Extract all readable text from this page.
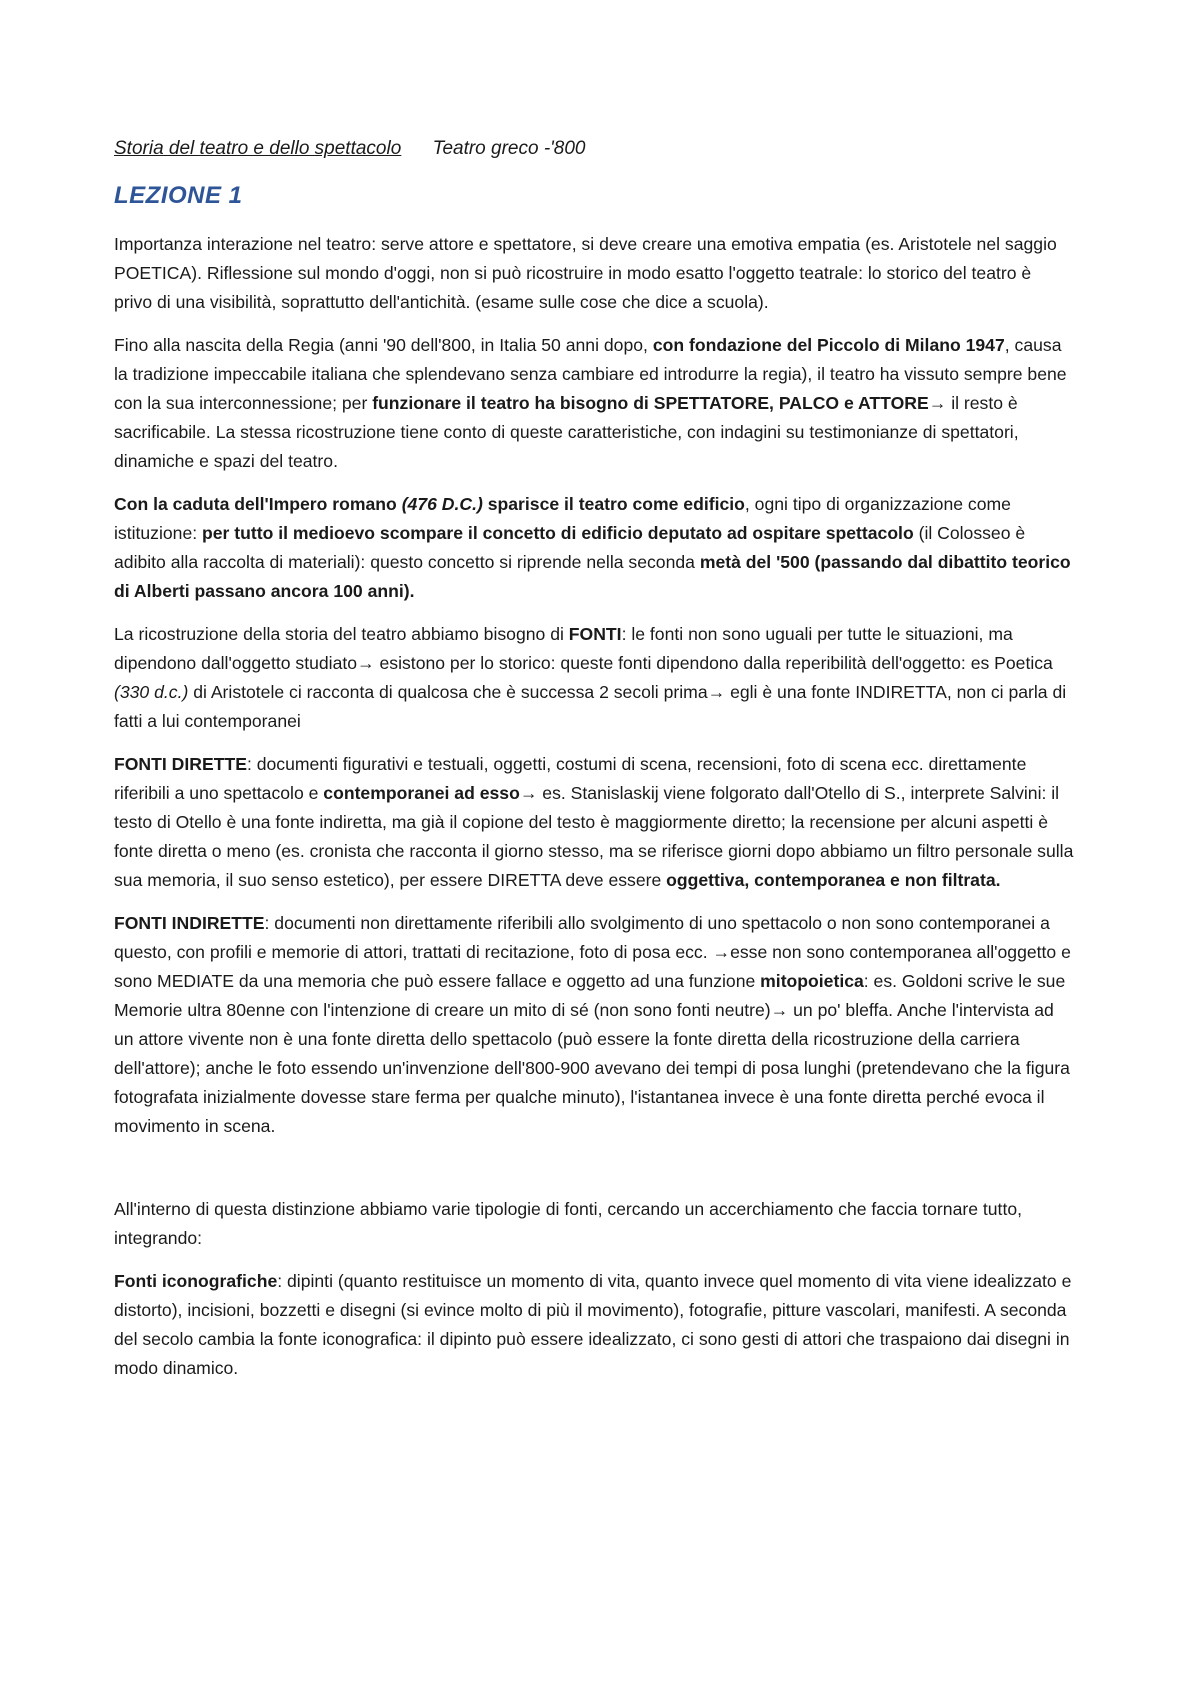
Storia del teatro e dello spettacolo Teatro greco -'800
LEZIONE 1

Importanza interazione nel teatro: serve attore e spettatore, si deve creare una emotiva empatia (es. Aristotele nel saggio POETICA). Riflessione sul mondo d'oggi, non si può ricostruire in modo esatto l'oggetto teatrale: lo storico del teatro è privo di una visibilità, soprattutto dell'antichità. (esame sulle cose che dice a scuola).

Fino alla nascita della Regia (anni '90 dell'800, in Italia 50 anni dopo, con fondazione del Piccolo di Milano 1947, causa la tradizione impeccabile italiana che splendevano senza cambiare ed introdurre la regia), il teatro ha vissuto sempre bene con la sua interconnessione; per funzionare il teatro ha bisogno di SPETTATORE, PALCO e ATTORE→ il resto è sacrificabile. La stessa ricostruzione tiene conto di queste caratteristiche, con indagini su testimonianze di spettatori, dinamiche e spazi del teatro.

Con la caduta dell'Impero romano (476 D.C.) sparisce il teatro come edificio, ogni tipo di organizzazione come istituzione: per tutto il medioevo scompare il concetto di edificio deputato ad ospitare spettacolo (il Colosseo è adibito alla raccolta di materiali): questo concetto si riprende nella seconda metà del '500 (passando dal dibattito teorico di Alberti passano ancora 100 anni).

La ricostruzione della storia del teatro abbiamo bisogno di FONTI: le fonti non sono uguali per tutte le situazioni, ma dipendono dall'oggetto studiato→ esistono per lo storico: queste fonti dipendono dalla reperibilità dell'oggetto: es Poetica (330 d.c.) di Aristotele ci racconta di qualcosa che è successa 2 secoli prima→ egli è una fonte INDIRETTA, non ci parla di fatti a lui contemporanei

FONTI DIRETTE: documenti figurativi e testuali, oggetti, costumi di scena, recensioni, foto di scena ecc. direttamente riferibili a uno spettacolo e contemporanei ad esso→ es. Stanislaskij viene folgorato dall'Otello di S., interprete Salvini: il testo di Otello è una fonte indiretta, ma già il copione del testo è maggiormente diretto; la recensione per alcuni aspetti è fonte diretta o meno (es. cronista che racconta il giorno stesso, ma se riferisce giorni dopo abbiamo un filtro personale sulla sua memoria, il suo senso estetico), per essere DIRETTA deve essere oggettiva, contemporanea e non filtrata.

FONTI INDIRETTE: documenti non direttamente riferibili allo svolgimento di uno spettacolo o non sono contemporanei a questo, con profili e memorie di attori, trattati di recitazione, foto di posa ecc. →esse non sono contemporanea all'oggetto e sono MEDIATE da una memoria che può essere fallace e oggetto ad una funzione mitopoietica: es. Goldoni scrive le sue Memorie ultra 80enne con l'intenzione di creare un mito di sé (non sono fonti neutre)→ un po' bleffa. Anche l'intervista ad un attore vivente non è una fonte diretta dello spettacolo (può essere la fonte diretta della ricostruzione della carriera dell'attore); anche le foto essendo un'invenzione dell'800-900 avevano dei tempi di posa lunghi (pretendevano che la figura fotografata inizialmente dovesse stare ferma per qualche minuto), l'istantanea invece è una fonte diretta perché evoca il movimento in scena.

All'interno di questa distinzione abbiamo varie tipologie di fonti, cercando un accerchiamento che faccia tornare tutto, integrando:

Fonti iconografiche: dipinti (quanto restituisce un momento di vita, quanto invece quel momento di vita viene idealizzato e distorto), incisioni, bozzetti e disegni (si evince molto di più il movimento), fotografie, pitture vascolari, manifesti. A seconda del secolo cambia la fonte iconografica: il dipinto può essere idealizzato, ci sono gesti di attori che traspaiono dai disegni in modo dinamico.
